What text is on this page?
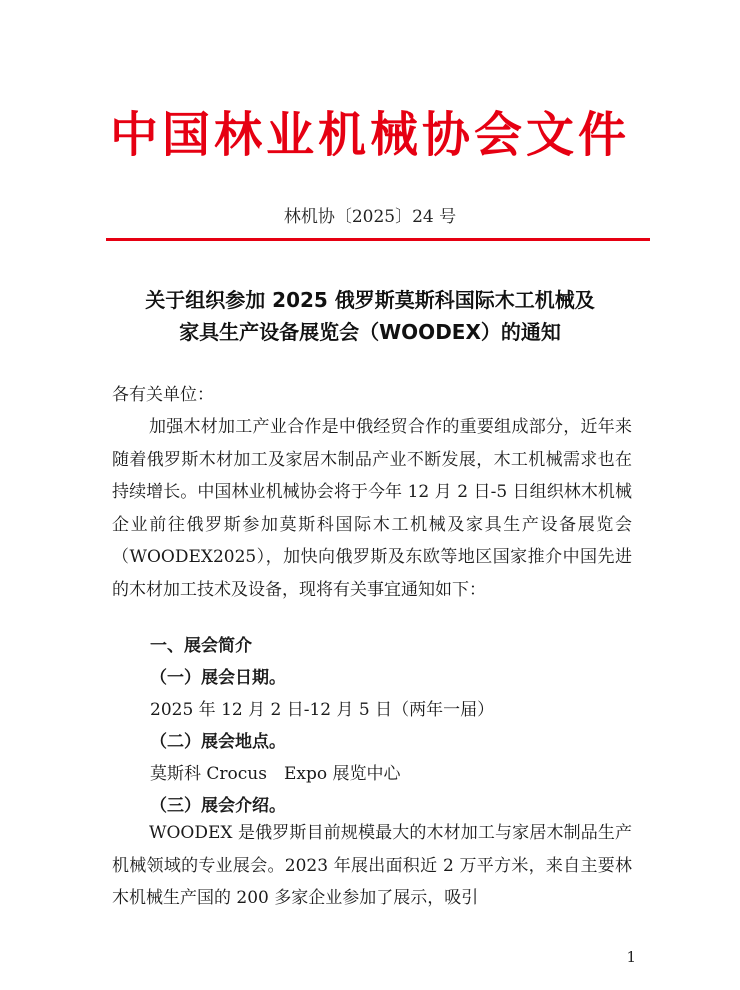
中国林业机械协会文件
林机协〔2025〕24 号
关于组织参加 2025 俄罗斯莫斯科国际木工机械及
家具生产设备展览会（WOODEX）的通知
各有关单位：
加强木材加工产业合作是中俄经贸合作的重要组成部分，近年来随着俄罗斯木材加工及家居木制品产业不断发展，木工机械需求也在持续增长。中国林业机械协会将于今年 12 月 2 日-5 日组织林木机械企业前往俄罗斯参加莫斯科国际木工机械及家具生产设备展览会（WOODEX2025），加快向俄罗斯及东欧等地区国家推介中国先进的木材加工技术及设备，现将有关事宜通知如下：
一、展会简介
（一）展会日期。
2025 年 12 月 2 日-12 月 5 日（两年一届）
（二）展会地点。
莫斯科 Crocus　Expo 展览中心
（三）展会介绍。
WOODEX 是俄罗斯目前规模最大的木材加工与家居木制品生产机械领域的专业展会。2023 年展出面积近 2 万平方米，来自主要林木机械生产国的 200 多家企业参加了展示，吸引
1
